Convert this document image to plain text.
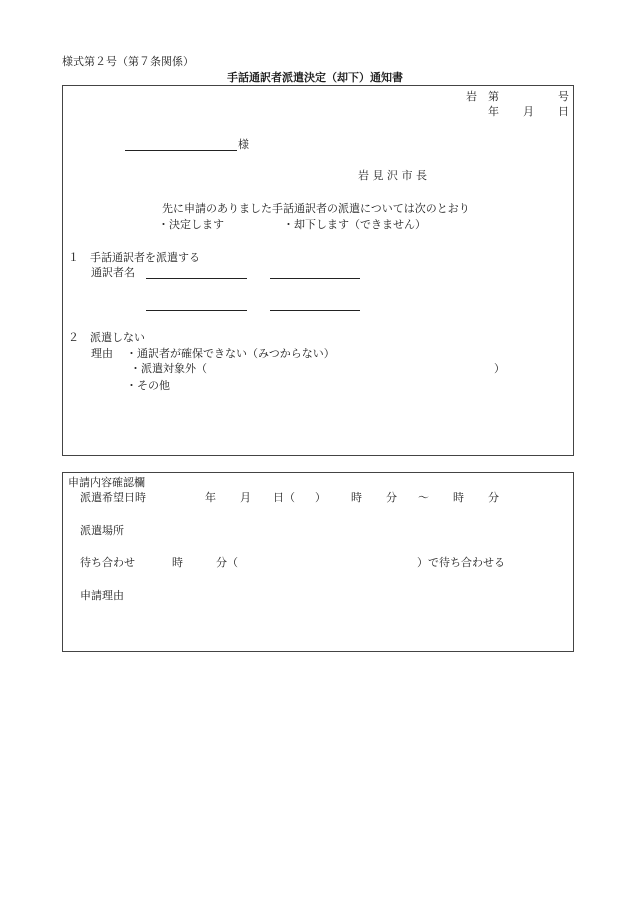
様式第２号（第７条関係）
手話通訳者派遣決定（却下）通知書
岩 第	号
年 月 日
様
岩 見 沢 市 長
先に申請のありました手話通訳者の派遣については次のとおり
・決定します	・却下します（できません）
１　手話通訳者を派遣する
通訳者名
２　派遣しない
理由 ・通訳者が確保できない（みつからない）
・派遣対象外（	）
・その他
申請内容確認欄
派遣希望日時	年 月 日（ ） 時 分 ～ 時 分
派遣場所
待ち合わせ	時	分（	）で待ち合わせる
申請理由
